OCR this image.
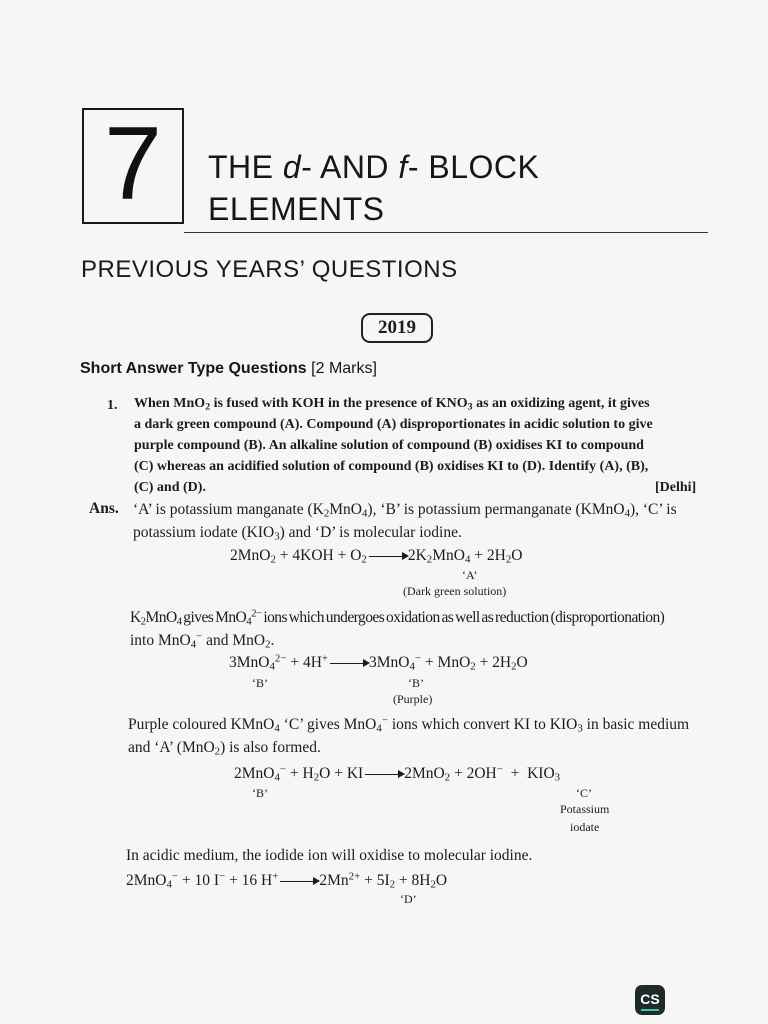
7	THE d- AND f- BLOCK
ELEMENTS
PREVIOUS YEARS’ QUESTIONS
2019
Short Answer Type Questions [2 Marks]
1. When MnO$_2$ is fused with KOH in the presence of $KNO_3$ as an oxidizing agent, it gives
a dark green compound (A). Compound (A) disproportionates in acidic solution to give
purple compound (B). An alkaline solution of compound (B) oxidises KI to compound
(C) whereas an acidified solution of compound (B) oxidises KI to (D). Identify (A), (B),
(C) and (D).	[Delhi]
Ans. ‘A’ is potassium manganate $(K_2MnO_4)$, ‘B’ is potassium permanganate (KMnO$_4$), ‘C’ is
potassium iodate $(KIO_3)$ and ‘D’ is molecular iodine.
$2MnO_2 + 4KOH + O_2 \to 2K_2MnO_4 + 2H_2O$
‘A’
(Dark green solution)
$K_2MnO_4$ gives MnO$_4^{2-}$ ions which undergoes oxidation as well as reduction (disproportionation)
into MnO$_4$− and MnO$_2$.
$3MnO_4^{2-} + 4H^+ \to 3MnO_4^- + MnO_2 + 2H_2O$
‘B’	‘B’
(Purple)
Purple coloured KMnO$_4$ ‘C’ gives MnO$_4$− ions which convert KI to $KIO_3$ in basic medium
and ‘A’ (MnO$_2$) is also formed.
$2MnO_4^- + H_2O$ + KI $\to 2MnO_2 + 2OH^- + KIO_3$
‘B’	‘C’
Potassium
iodate
In acidic medium, the iodide ion will oxidise to molecular iodine.
2MnO$_4$− + 10 I− + 16 $H^+ \to 2Mn^{2+} + 5I_2 + 8H_2O$
‘D’
CS
